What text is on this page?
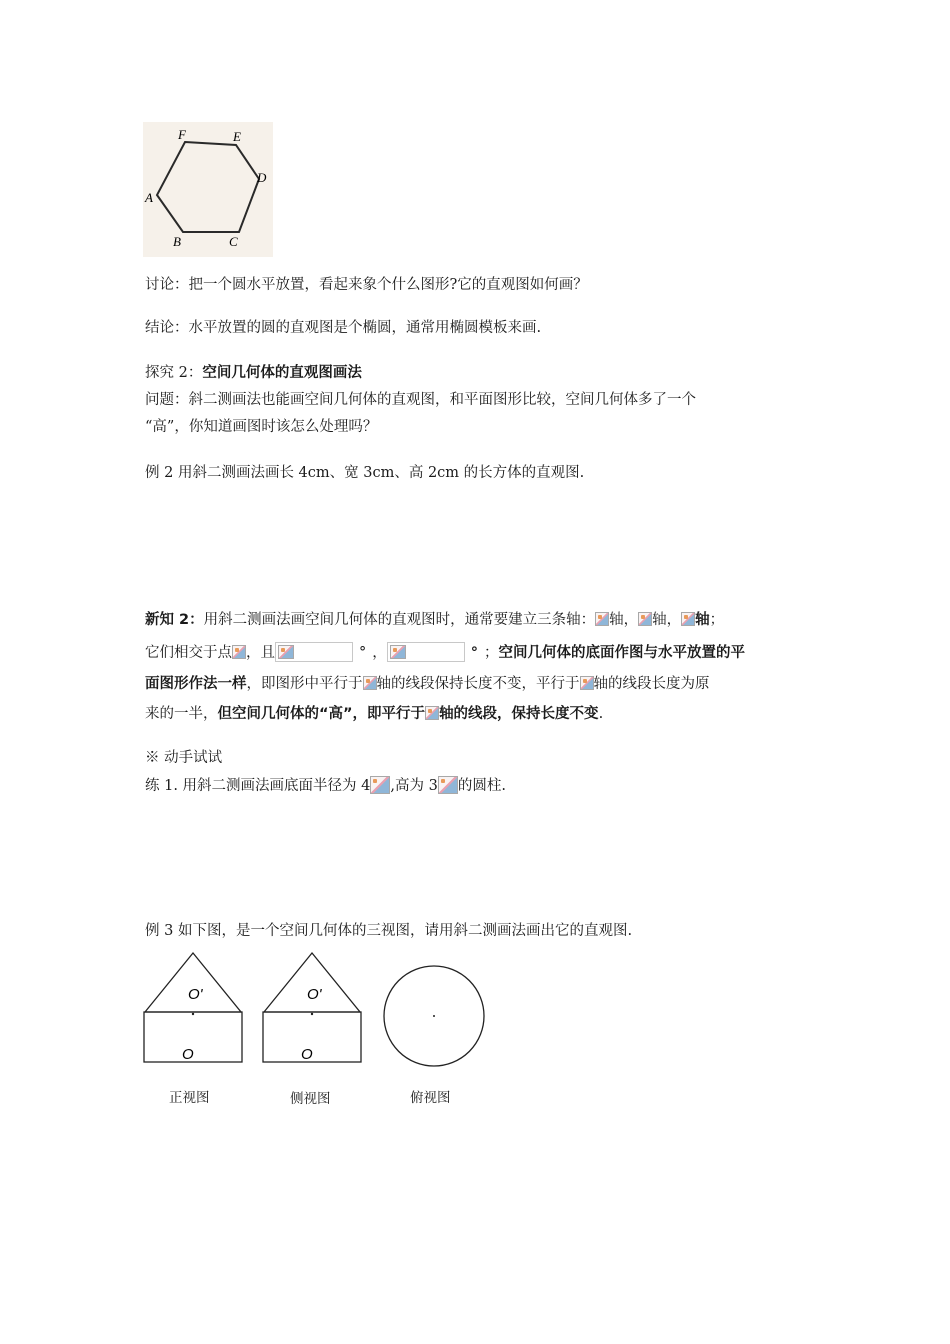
F	E
D
A
B	C
讨论：把一个圆水平放置，看起来象个什么图形?它的直观图如何画？
结论：水平放置的圆的直观图是个椭圆，通常用椭圆模板来画.
探究 2：空间几何体的直观图画法
问题：斜二测画法也能画空间几何体的直观图，和平面图形比较，空间几何体多了一个
“高”，你知道画图时该怎么处理吗？
例 2 用斜二测画法画长 4cm、宽 3cm、高 2cm 的长方体的直观图.
新知 2：用斜二测画法画空间几何体的直观图时，通常要建立三条轴： 轴， 轴， 轴；
它们相交于点 ，且	° ，	° ；空间几何体的底面作图与水平放置的平
面图形作法一样，即图形中平行于 轴的线段保持长度不变，平行于 轴的线段长度为原
来的一半，但空间几何体的“高”，即平行于 轴的线段，保持长度不变.
※ 动手试试
练 1. 用斜二测画法画底面半径为 4 ,高为 3 的圆柱.
例 3 如下图，是一个空间几何体的三视图，请用斜二测画法画出它的直观图.
O'
O
O'
O
正视图	侧视图	俯视图
